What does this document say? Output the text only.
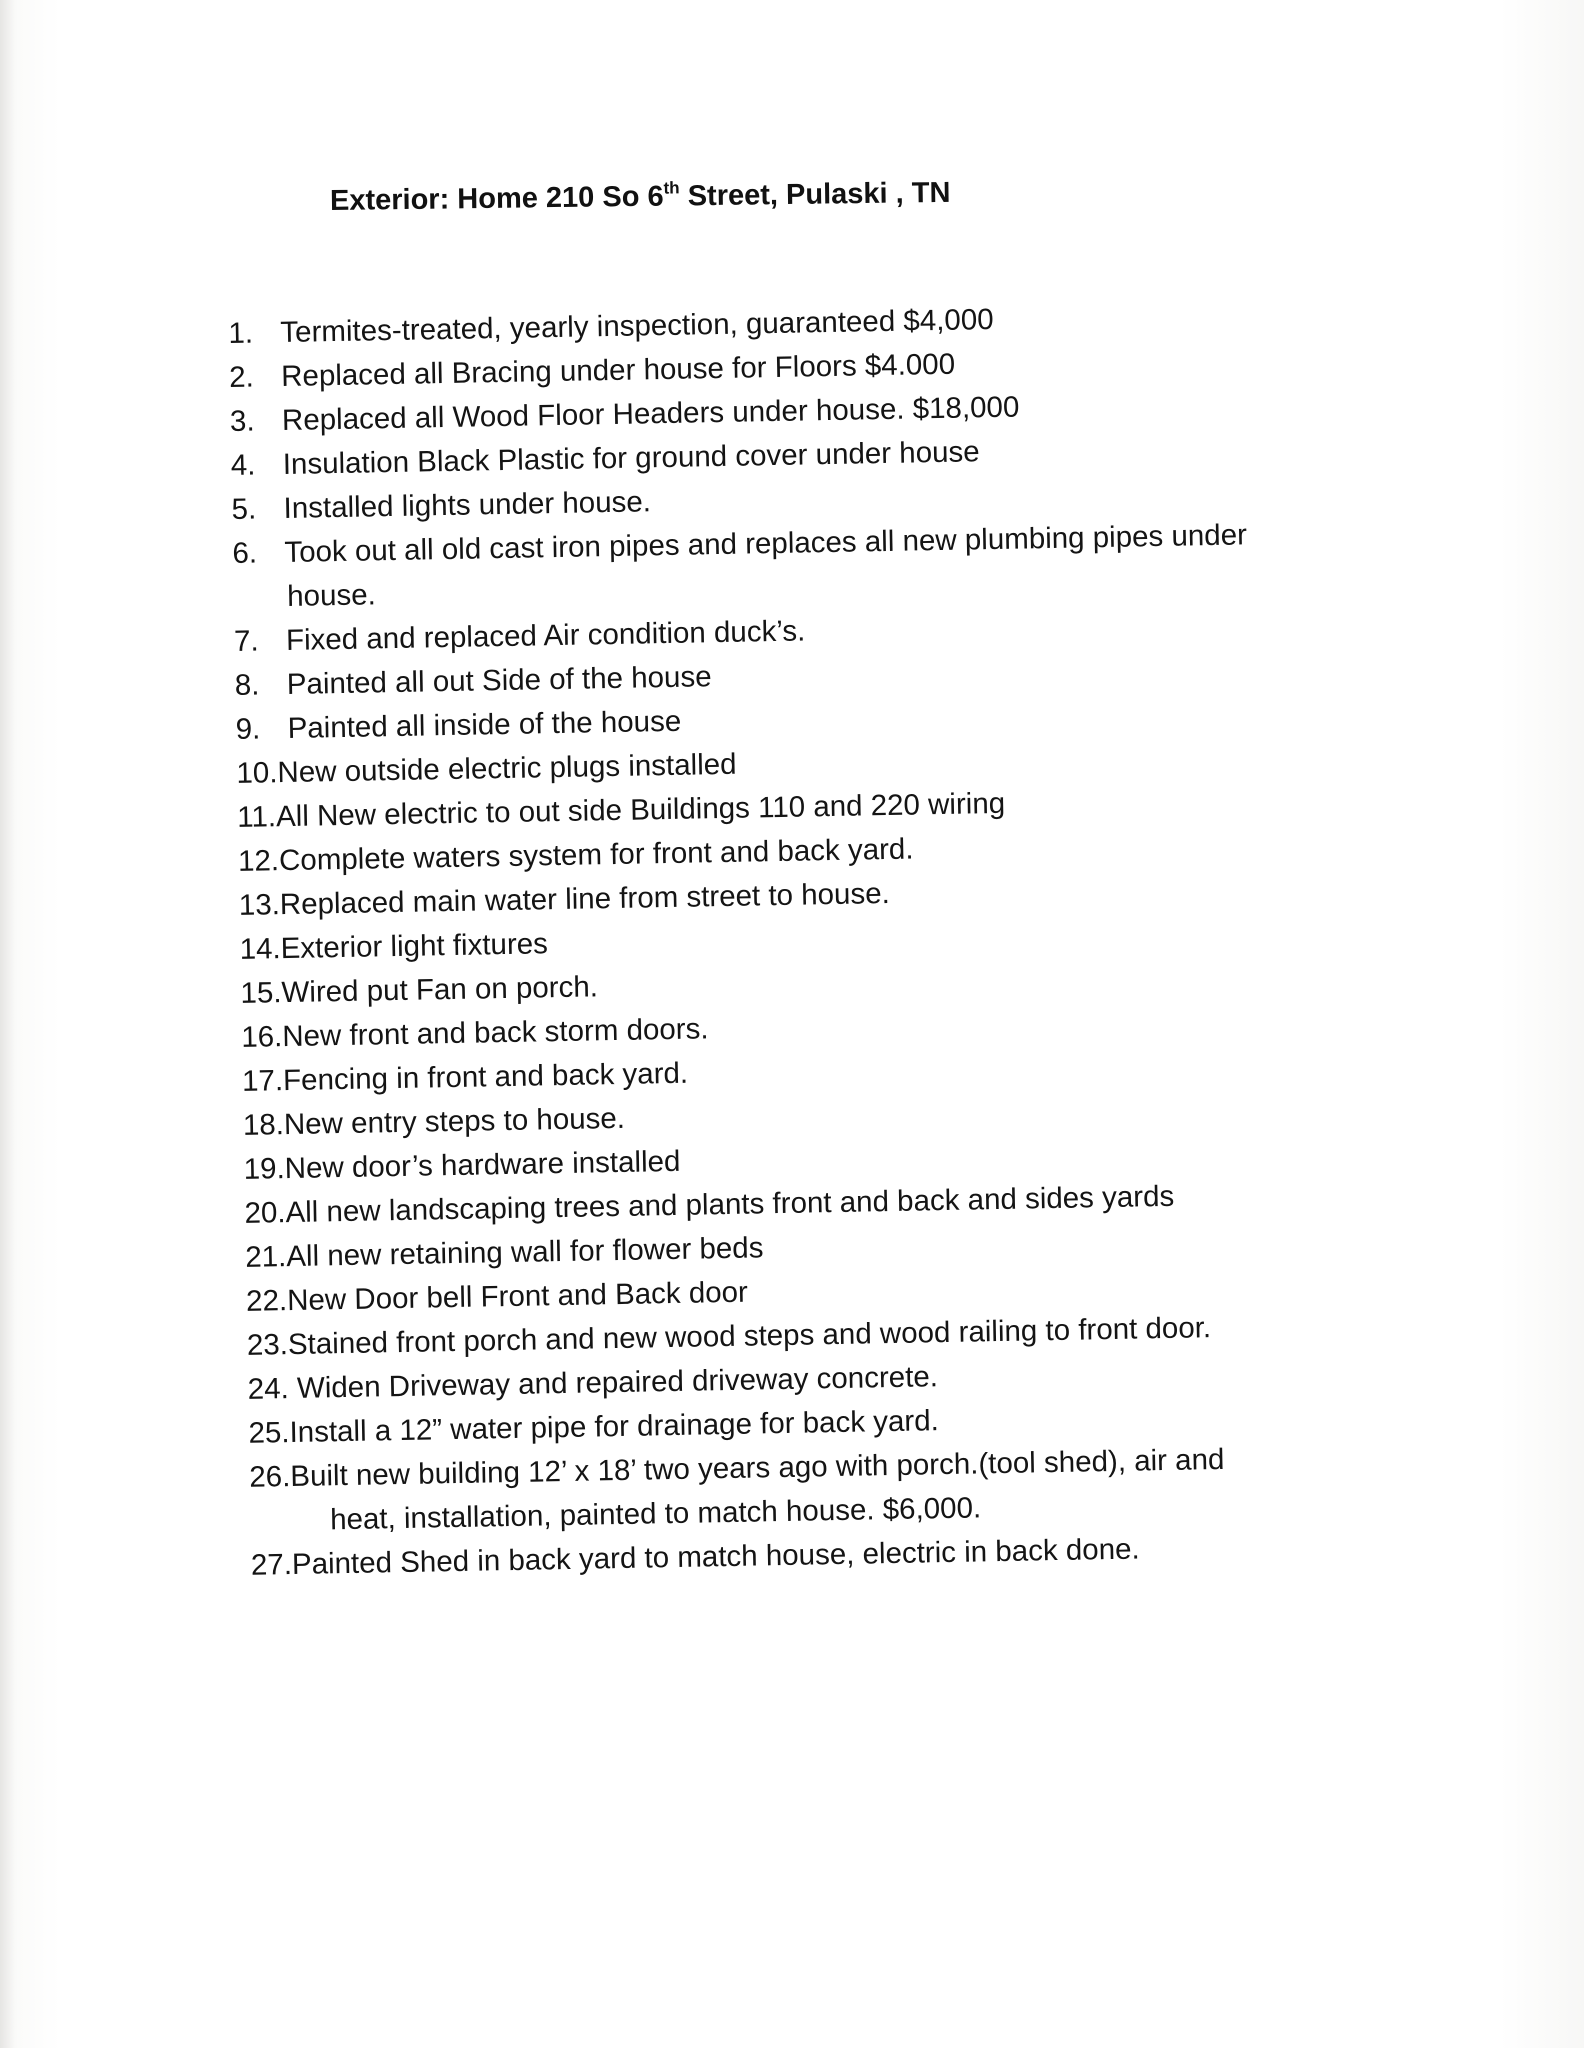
Exterior: Home 210 So 6th Street, Pulaski , TN
1. Termites-treated, yearly inspection, guaranteed $4,000
2. Replaced all Bracing under house for Floors $4.000
3. Replaced all Wood Floor Headers under house. $18,000
4. Insulation Black Plastic for ground cover under house
5. Installed lights under house.
6. Took out all old cast iron pipes and replaces all new plumbing pipes under
house.
7. Fixed and replaced Air condition duck’s.
8. Painted all out Side of the house
9. Painted all inside of the house
10.New outside electric plugs installed
11.All New electric to out side Buildings 110 and 220 wiring
12.Complete waters system for front and back yard.
13.Replaced main water line from street to house.
14.Exterior light fixtures
15.Wired put Fan on porch.
16.New front and back storm doors.
17.Fencing in front and back yard.
18.New entry steps to house.
19.New door’s hardware installed
20.All new landscaping trees and plants front and back and sides yards
21.All new retaining wall for flower beds
22.New Door bell Front and Back door
23.Stained front porch and new wood steps and wood railing to front door.
24. Widen Driveway and repaired driveway concrete.
25.Install a 12” water pipe for drainage for back yard.
26.Built new building 12’ x 18’ two years ago with porch.(tool shed), air and
heat, installation, painted to match house. $6,000.
27.Painted Shed in back yard to match house, electric in back done.
